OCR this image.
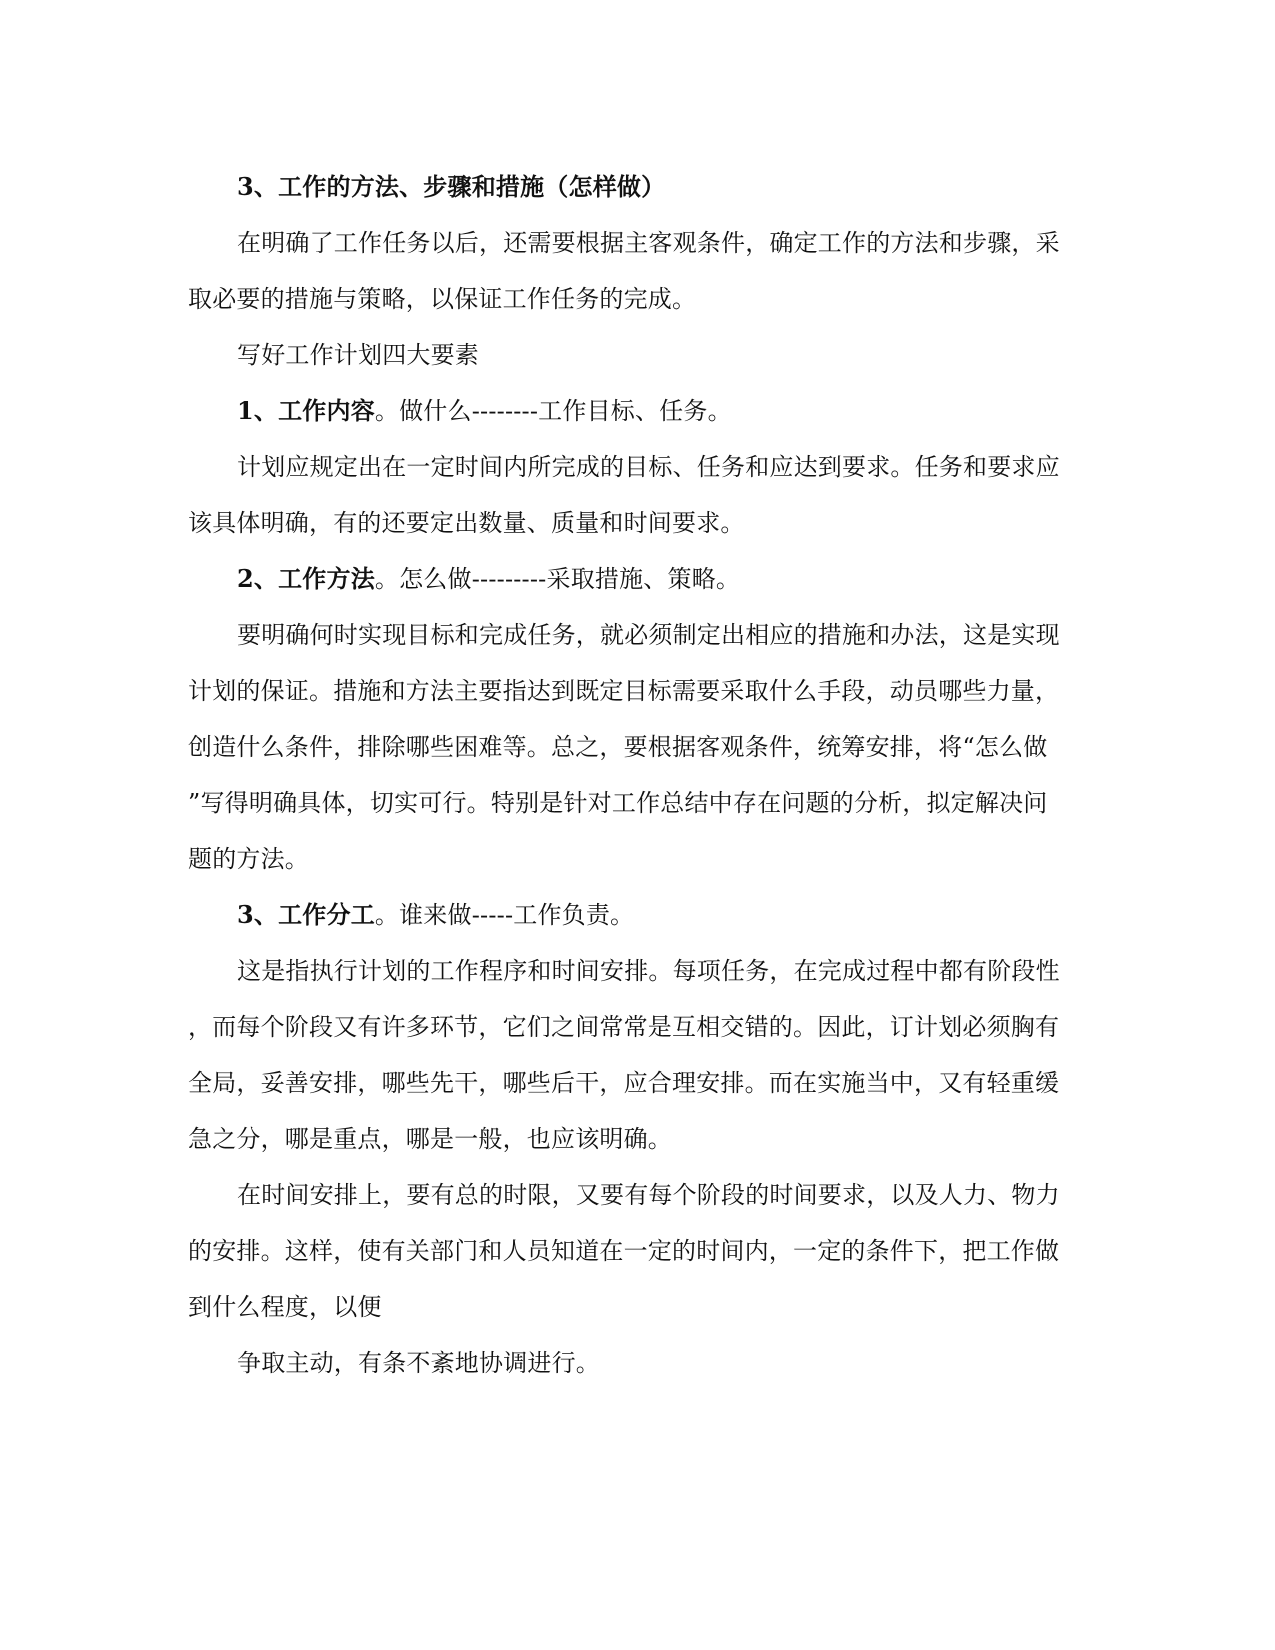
3、工作的方法、步骤和措施（怎样做）
在明确了工作任务以后，还需要根据主客观条件，确定工作的方法和步骤，采
取必要的措施与策略，以保证工作任务的完成。
写好工作计划四大要素
1、工作内容。做什么--------工作目标、任务。
计划应规定出在一定时间内所完成的目标、任务和应达到要求。任务和要求应
该具体明确，有的还要定出数量、质量和时间要求。
2、工作方法。怎么做---------采取措施、策略。
要明确何时实现目标和完成任务，就必须制定出相应的措施和办法，这是实现
计划的保证。措施和方法主要指达到既定目标需要采取什么手段，动员哪些力量，
创造什么条件，排除哪些困难等。总之，要根据客观条件，统筹安排，将“怎么做
”写得明确具体，切实可行。特别是针对工作总结中存在问题的分析，拟定解决问
题的方法。
3、工作分工。谁来做-----工作负责。
这是指执行计划的工作程序和时间安排。每项任务，在完成过程中都有阶段性
，而每个阶段又有许多环节，它们之间常常是互相交错的。因此，订计划必须胸有
全局，妥善安排，哪些先干，哪些后干，应合理安排。而在实施当中，又有轻重缓
急之分，哪是重点，哪是一般，也应该明确。
在时间安排上，要有总的时限，又要有每个阶段的时间要求，以及人力、物力
的安排。这样，使有关部门和人员知道在一定的时间内，一定的条件下，把工作做
到什么程度，以便
争取主动，有条不紊地协调进行。
